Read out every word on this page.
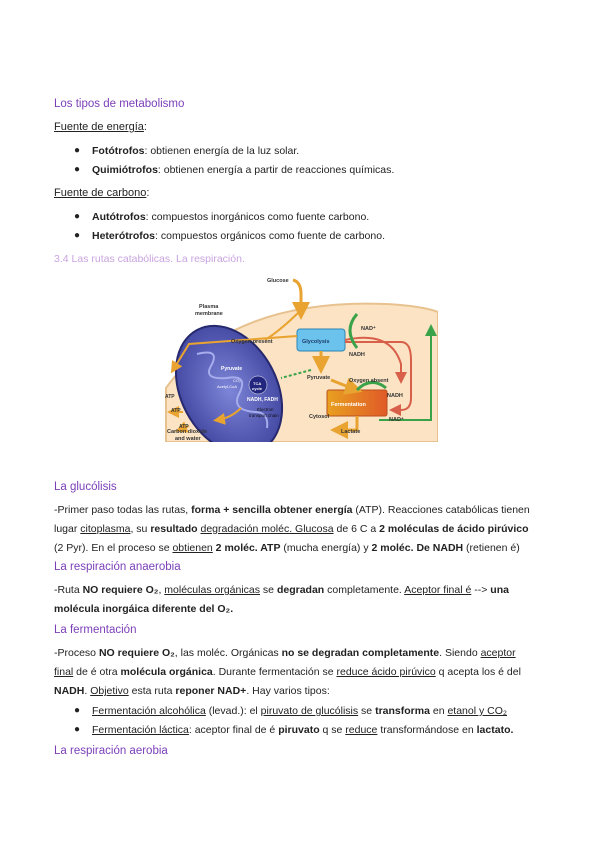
Los tipos de metabolismo
Fuente de energía:
●	Fotótrofos: obtienen energía de la luz solar.
●	Quimiótrofos: obtienen energía a partir de reacciones químicas.
Fuente de carbono:
●	Autótrofos: compuestos inorgánicos como fuente carbono.
●	Heterótrofos: compuestos orgánicos como fuente de carbono.
3.4 Las rutas catabólicas. La respiración.
Glucose
Plasma
membrane
Oxygen present	Glycolysis
NAD⁺
NADH
Pyruvate	Oxygen absent
Fermentation
NADH
NAD⁺
ATP
ATP
ATP
Pyruvate
CO₂
Acetyl-CoA
TCA
cycle
NADH, FADH
Electron
transport chain
Carbon dioxide
and water
Cytosol
Lactate
La glucólisis
-Primer paso todas las rutas, forma + sencilla obtener energía (ATP). Reacciones catabólicas tienen
lugar citoplasma, su resultado degradación moléc. Glucosa de 6 C a 2 moléculas de ácido pirúvico
(2 Pyr). En el proceso se obtienen 2 moléc. ATP (mucha energía) y 2 moléc. De NADH (retienen é)
La respiración anaerobia
-Ruta NO requiere O₂, moléculas orgánicas se degradan completamente. Aceptor final é --> una
molécula inorgáica diferente del O₂.
La fermentación
-Proceso NO requiere O₂, las moléc. Orgánicas no se degradan completamente. Siendo aceptor
final de é otra molécula orgánica. Durante fermentación se reduce ácido pirúvico q acepta los é del
NADH. Objetivo esta ruta reponer NAD+. Hay varios tipos:
●	Fermentación alcohólica (levad.): el piruvato de glucólisis se transforma en etanol y CO₂
●	Fermentación láctica: aceptor final de é piruvato q se reduce transformándose en lactato.
La respiración aerobia
